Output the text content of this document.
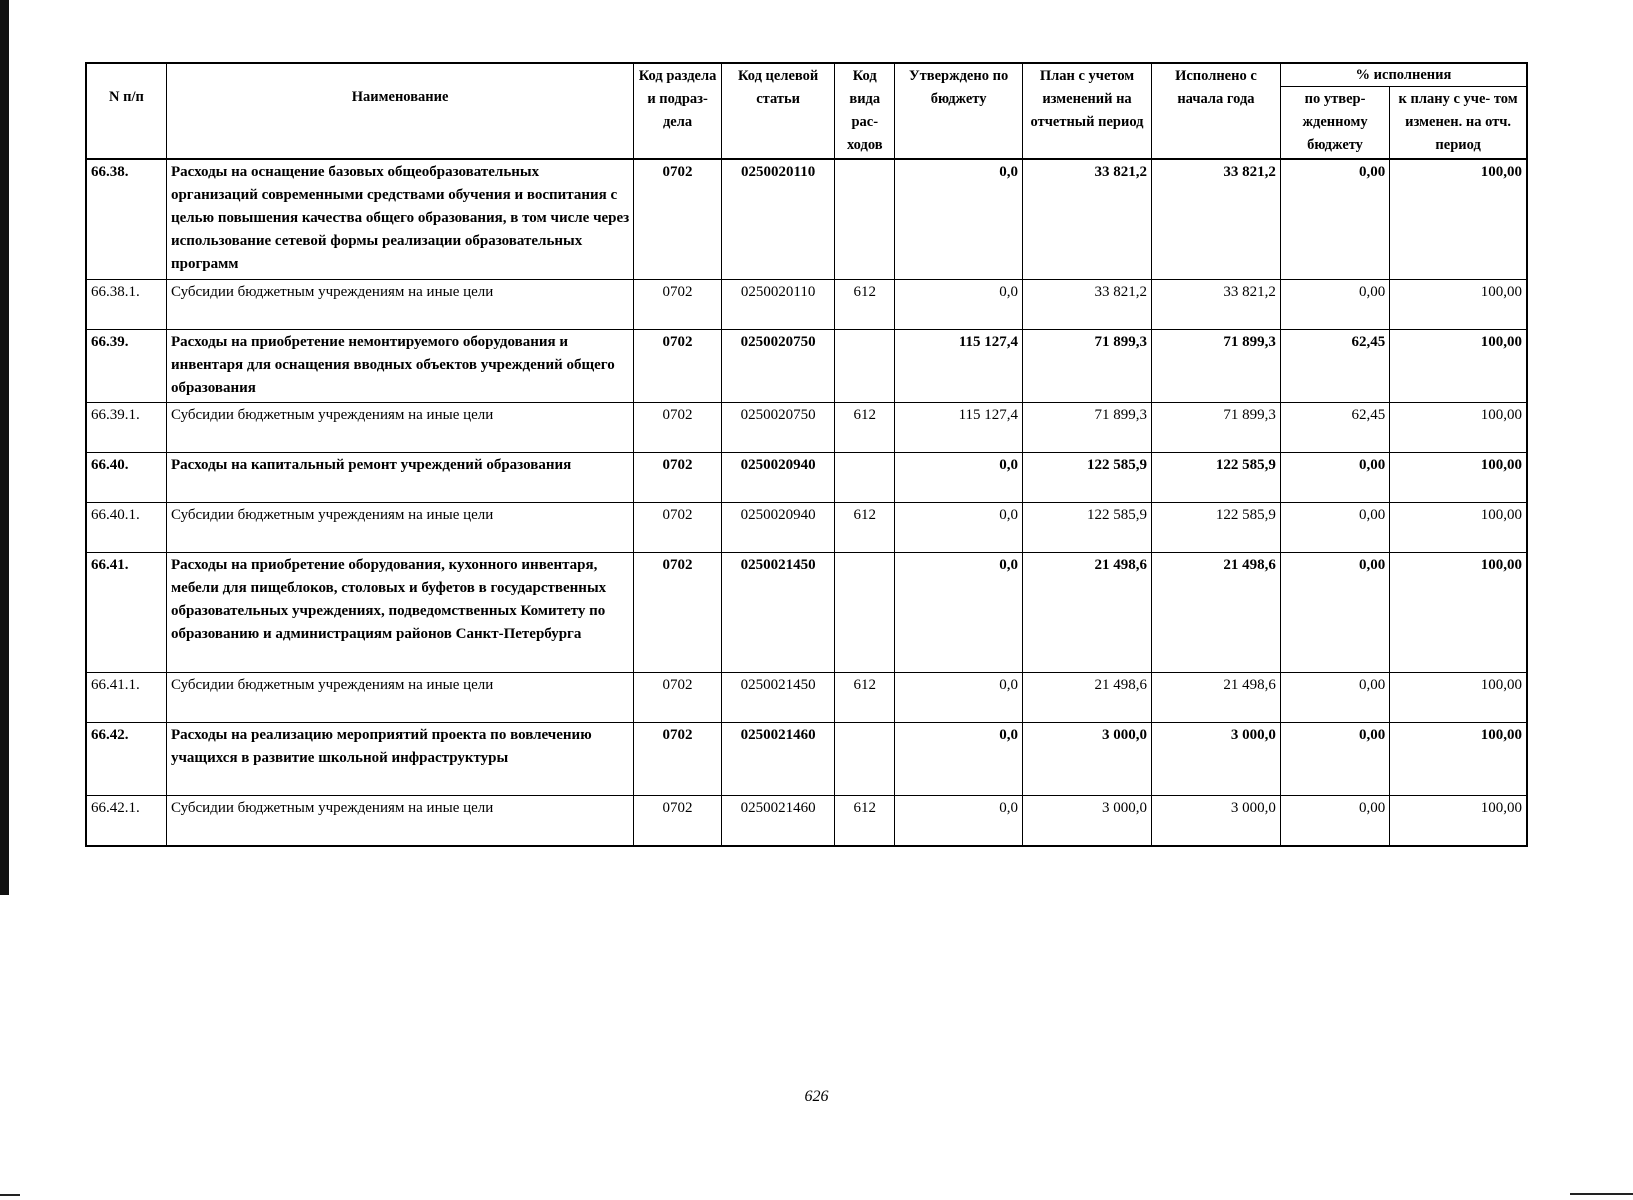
N п/п	Наименование	Код раздела и подраз- дела	Код целевой статьи	Код вида рас- ходов	Утверждено по бюджету	План с учетом изменений на отчетный период	Исполнено с начала года	% исполнения	
								по утвер- жденному бюджету	к плану с уче- том изменен. на отч. период
66.38.	Расходы на оснащение базовых общеобразовательных организаций современными средствами обучения и воспитания с целью повышения качества общего образования, в том числе через использование сетевой формы реализации образовательных программ	0702	0250020110		0,0	33 821,2	33 821,2	0,00	100,00
66.38.1.	Субсидии бюджетным учреждениям на иные цели	0702	0250020110	612	0,0	33 821,2	33 821,2	0,00	100,00
66.39.	Расходы на приобретение немонтируемого оборудования и инвентаря для оснащения вводных объектов учреждений общего образования	0702	0250020750		115 127,4	71 899,3	71 899,3	62,45	100,00
66.39.1.	Субсидии бюджетным учреждениям на иные цели	0702	0250020750	612	115 127,4	71 899,3	71 899,3	62,45	100,00
66.40.	Расходы на капитальный ремонт учреждений образования	0702	0250020940		0,0	122 585,9	122 585,9	0,00	100,00
66.40.1.	Субсидии бюджетным учреждениям на иные цели	0702	0250020940	612	0,0	122 585,9	122 585,9	0,00	100,00
66.41.	Расходы на приобретение оборудования, кухонного инвентаря, мебели для пищеблоков, столовых и буфетов в государственных образовательных учреждениях, подведомственных Комитету по образованию и администрациям районов Санкт-Петербурга	0702	0250021450		0,0	21 498,6	21 498,6	0,00	100,00
66.41.1.	Субсидии бюджетным учреждениям на иные цели	0702	0250021450	612	0,0	21 498,6	21 498,6	0,00	100,00
66.42.	Расходы на реализацию мероприятий проекта по вовлечению учащихся в развитие школьной инфраструктуры	0702	0250021460		0,0	3 000,0	3 000,0	0,00	100,00
66.42.1.	Субсидии бюджетным учреждениям на иные цели	0702	0250021460	612	0,0	3 000,0	3 000,0	0,00	100,00
626
